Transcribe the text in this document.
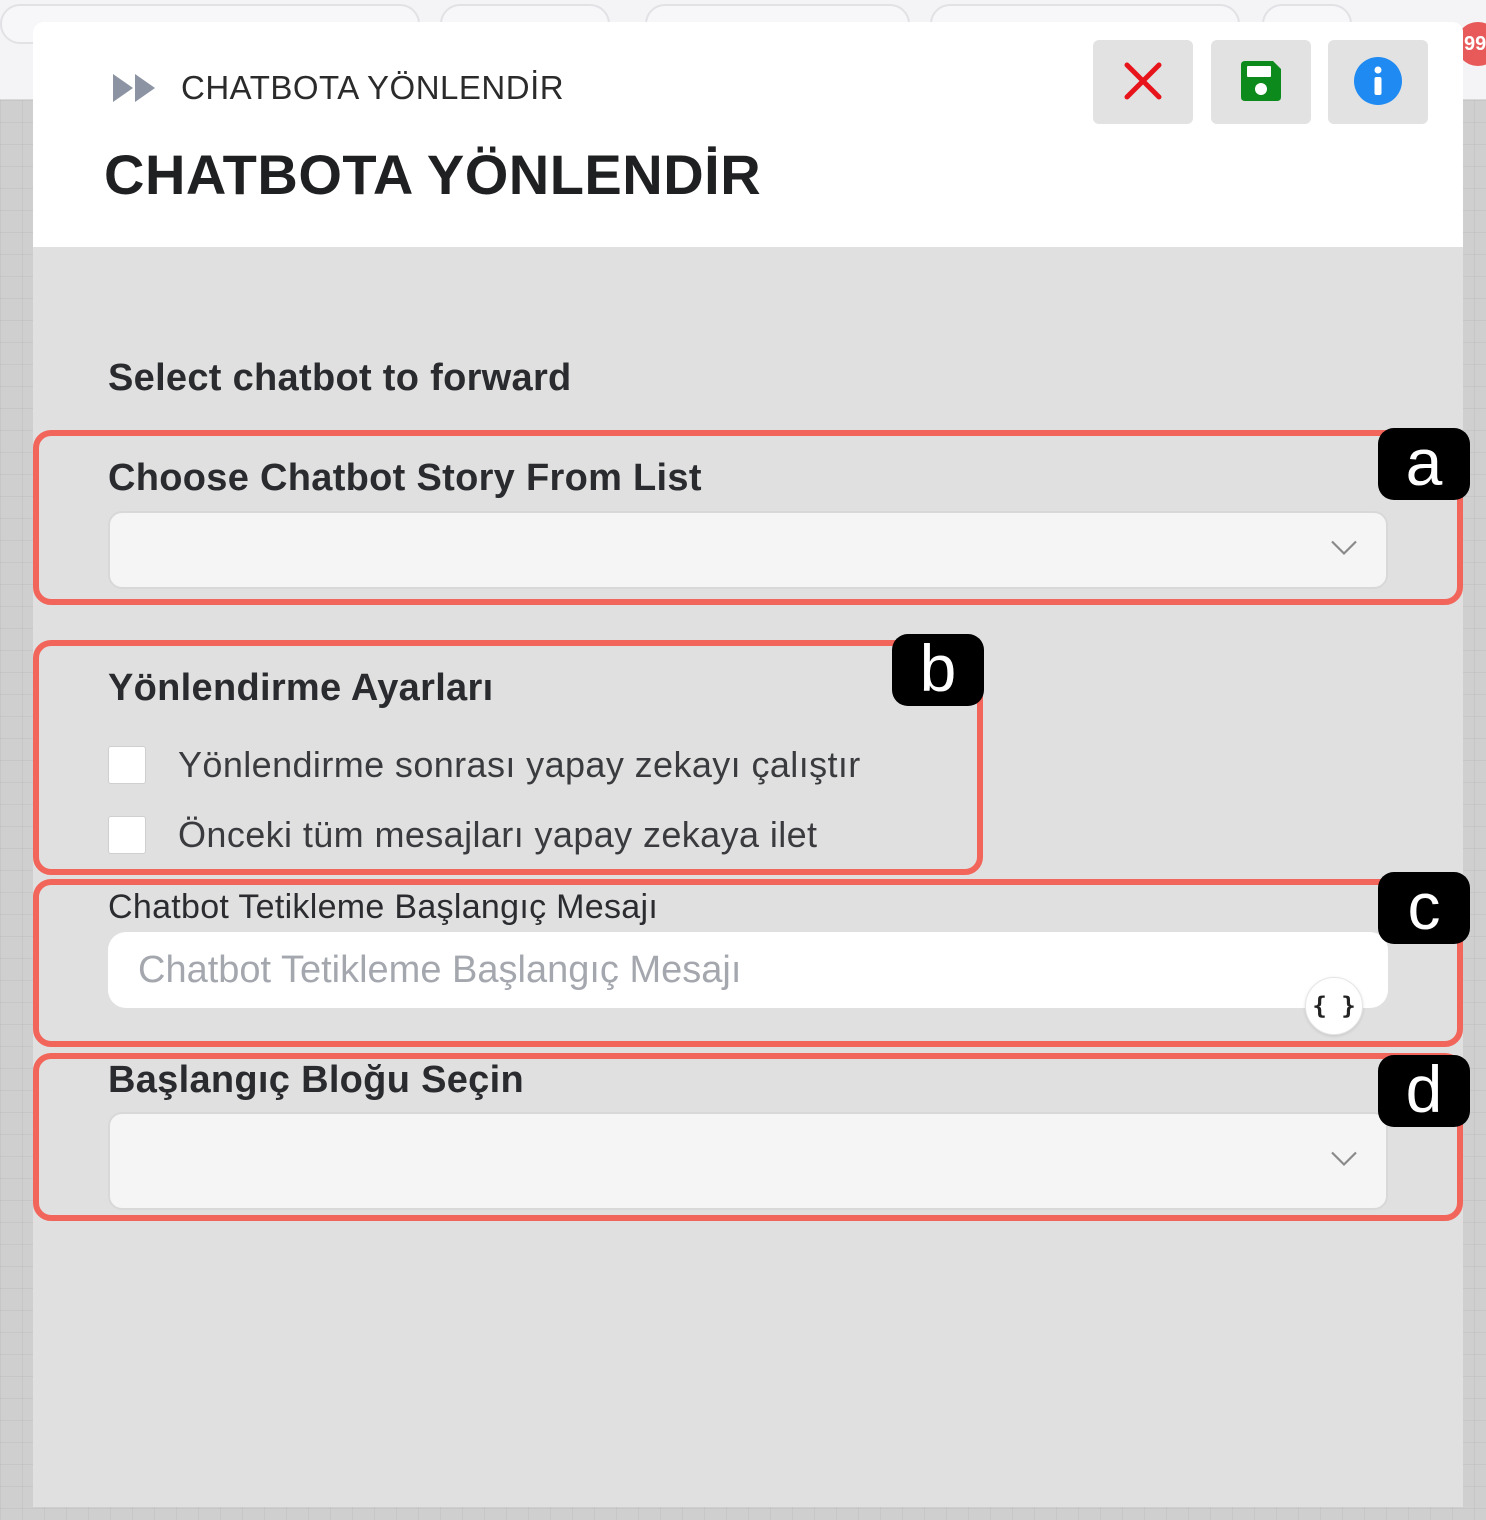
99
CHATBOTA YÖNLENDİR
CHATBOTA YÖNLENDİR
Select chatbot to forward
Choose Chatbot Story From List
Yönlendirme Ayarları
Yönlendirme sonrası yapay zekayı çalıştır
Önceki tüm mesajları yapay zekaya ilet
Chatbot Tetikleme Başlangıç Mesajı
Chatbot Tetikleme Başlangıç Mesajı
{ }
Başlangıç Bloğu Seçin
a
b
c
d
